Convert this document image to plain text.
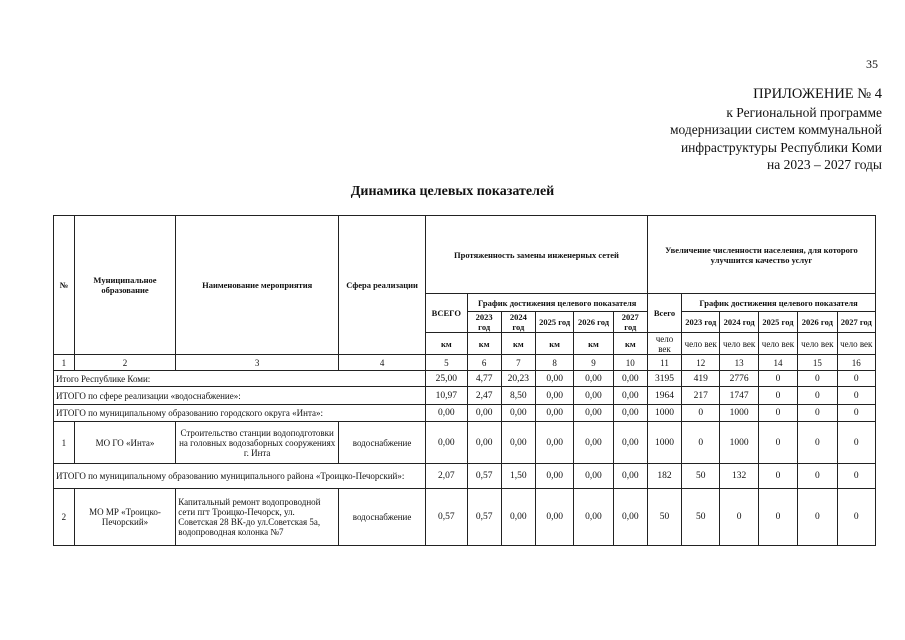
35
ПРИЛОЖЕНИЕ № 4
к Региональной программе
модернизации систем коммунальной
инфраструктуры Республики Коми
на 2023 – 2027 годы
Динамика целевых показателей
№	Муниципальное образование	Наименование мероприятия	Сфера реализации	Протяженность замены инженерных сетей						Увеличение численности населения, для которого улучшится качество услуг					
				ВСЕГО	График достижения целевого показателя					Всего	График достижения целевого показателя				
					2023 год	2024 год	2025 год	2026 год	2027 год		2023 год	2024 год	2025 год	2026 год	2027 год
				км	км	км	км	км	км	чело век	чело век	чело век	чело век	чело век	чело век
1	2	3	4	5	6	7	8	9	10	11	12	13	14	15	16
Итого Республике Коми:				25,00	4,77	20,23	0,00	0,00	0,00	3195	419	2776	0	0	0
ИТОГО по сфере реализации «водоснабжение»:				10,97	2,47	8,50	0,00	0,00	0,00	1964	217	1747	0	0	0
ИТОГО по муниципальному образованию городского округа «Инта»:				0,00	0,00	0,00	0,00	0,00	0,00	1000	0	1000	0	0	0
1	МО ГО «Инта»	Строительство станции водоподготовки на головных водозаборных сооружениях г. Инта	водоснабжение	0,00	0,00	0,00	0,00	0,00	0,00	1000	0	1000	0	0	0
ИТОГО по муниципальному образованию муниципального района «Троицко-Печорский»:				2,07	0,57	1,50	0,00	0,00	0,00	182	50	132	0	0	0
2	МО МР «Троицко-Печорский»	Капитальный ремонт водопроводной сети пгт Троицко-Печорск, ул. Советская 28 ВК-до ул.Советская 5а, водопроводная колонка №7	водоснабжение	0,57	0,57	0,00	0,00	0,00	0,00	50	50	0	0	0	0
